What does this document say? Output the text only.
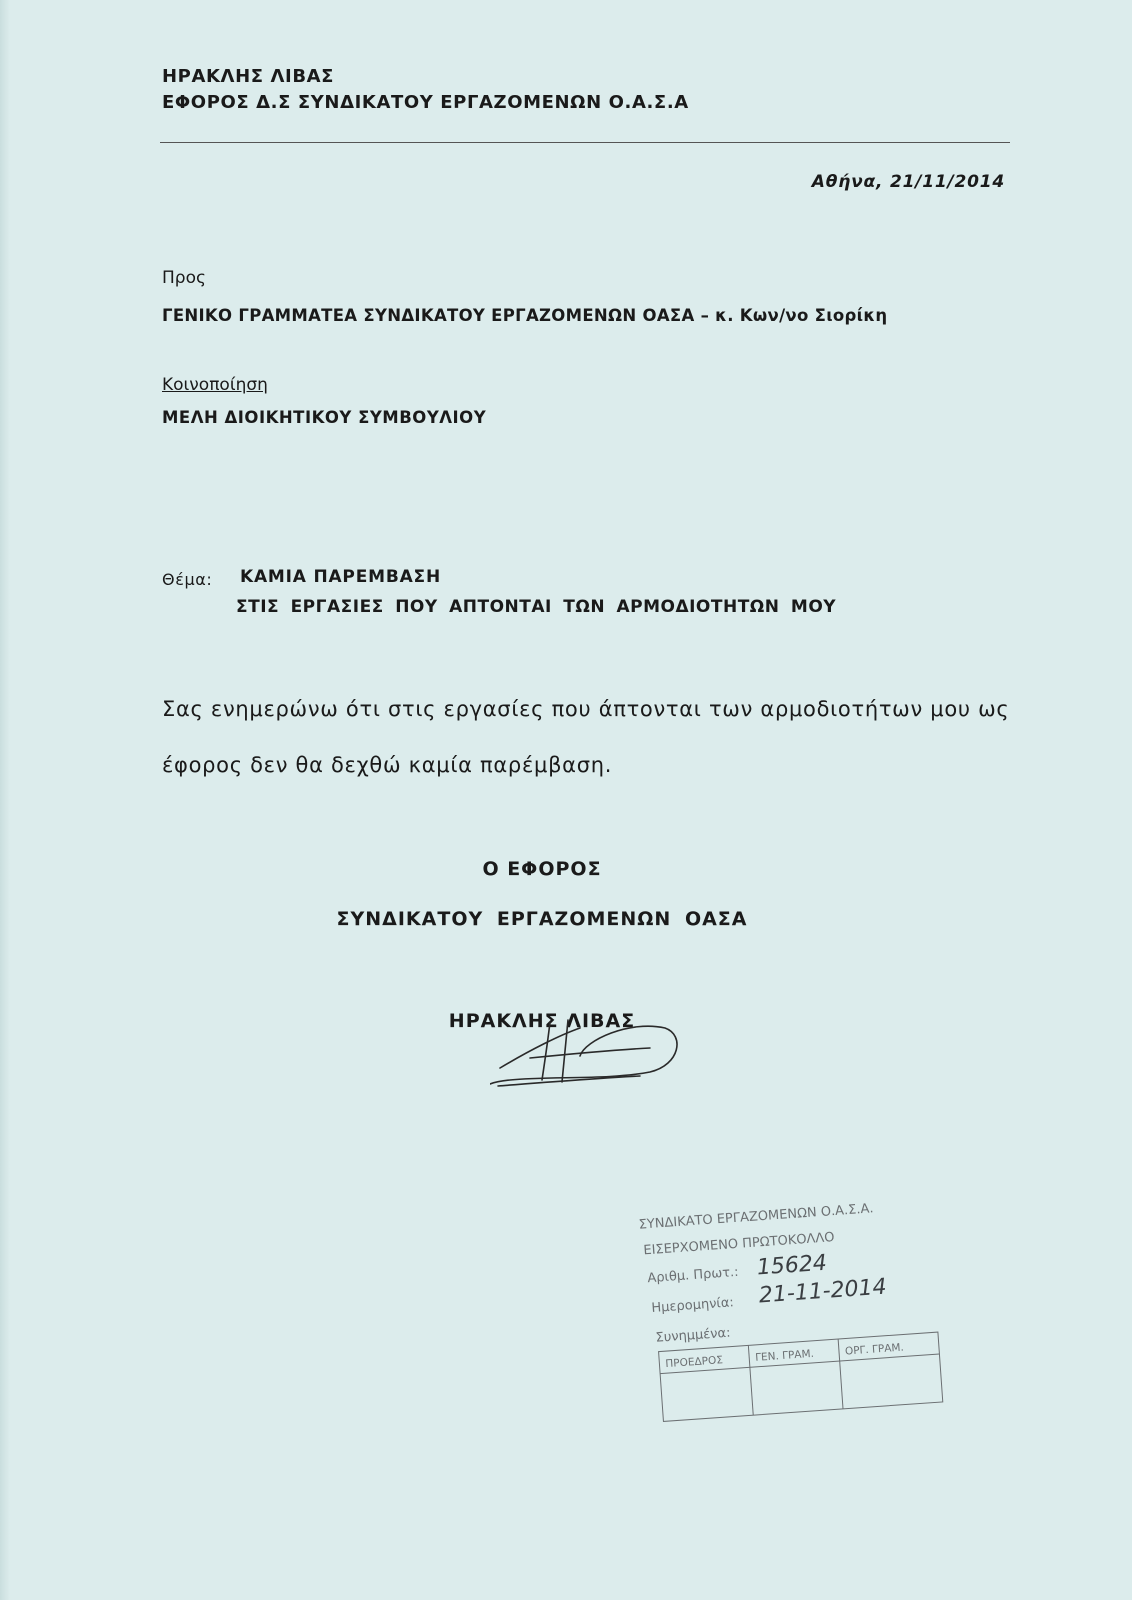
ΗΡΑΚΛΗΣ ΛΙΒΑΣ
ΕΦΟΡΟΣ Δ.Σ ΣΥΝΔΙΚΑΤΟΥ ΕΡΓΑΖΟΜΕΝΩΝ Ο.Α.Σ.Α
Αθήνα, 21/11/2014
Προς
ΓΕΝΙΚΟ ΓΡΑΜΜΑΤΕΑ ΣΥΝΔΙΚΑΤΟΥ ΕΡΓΑΖΟΜΕΝΩΝ ΟΑΣΑ – κ. Κων/νο Σιορίκη
Κοινοποίηση
ΜΕΛΗ ΔΙΟΙΚΗΤΙΚΟΥ ΣΥΜΒΟΥΛΙΟΥ
Θέμα: ΚΑΜΙΑ ΠΑΡΕΜΒΑΣΗ
ΣΤΙΣ ΕΡΓΑΣΙΕΣ ΠΟΥ ΑΠΤΟΝΤΑΙ ΤΩΝ ΑΡΜΟΔΙΟΤΗΤΩΝ ΜΟΥ
Σας ενημερώνω ότι στις εργασίες που άπτονται των αρμοδιοτήτων μου ως
έφορος δεν θα δεχθώ καμία παρέμβαση.
Ο ΕΦΟΡΟΣ
ΣΥΝΔΙΚΑΤΟΥ ΕΡΓΑΖΟΜΕΝΩΝ ΟΑΣΑ
ΗΡΑΚΛΗΣ ΛΙΒΑΣ
ΣΥΝΔΙΚΑΤΟ ΕΡΓΑΖΟΜΕΝΩΝ Ο.Α.Σ.Α.
ΕΙΣΕΡΧΟΜΕΝΟ ΠΡΩΤΟΚΟΛΛΟ
Αριθμ. Πρωτ.: 15624
Ημερομηνία: 21-11-2014
Συνημμένα:
ΠΡΟΕΔΡΟΣ	ΓΕΝ. ΓΡΑΜ.	ΟΡΓ. ΓΡΑΜ.
